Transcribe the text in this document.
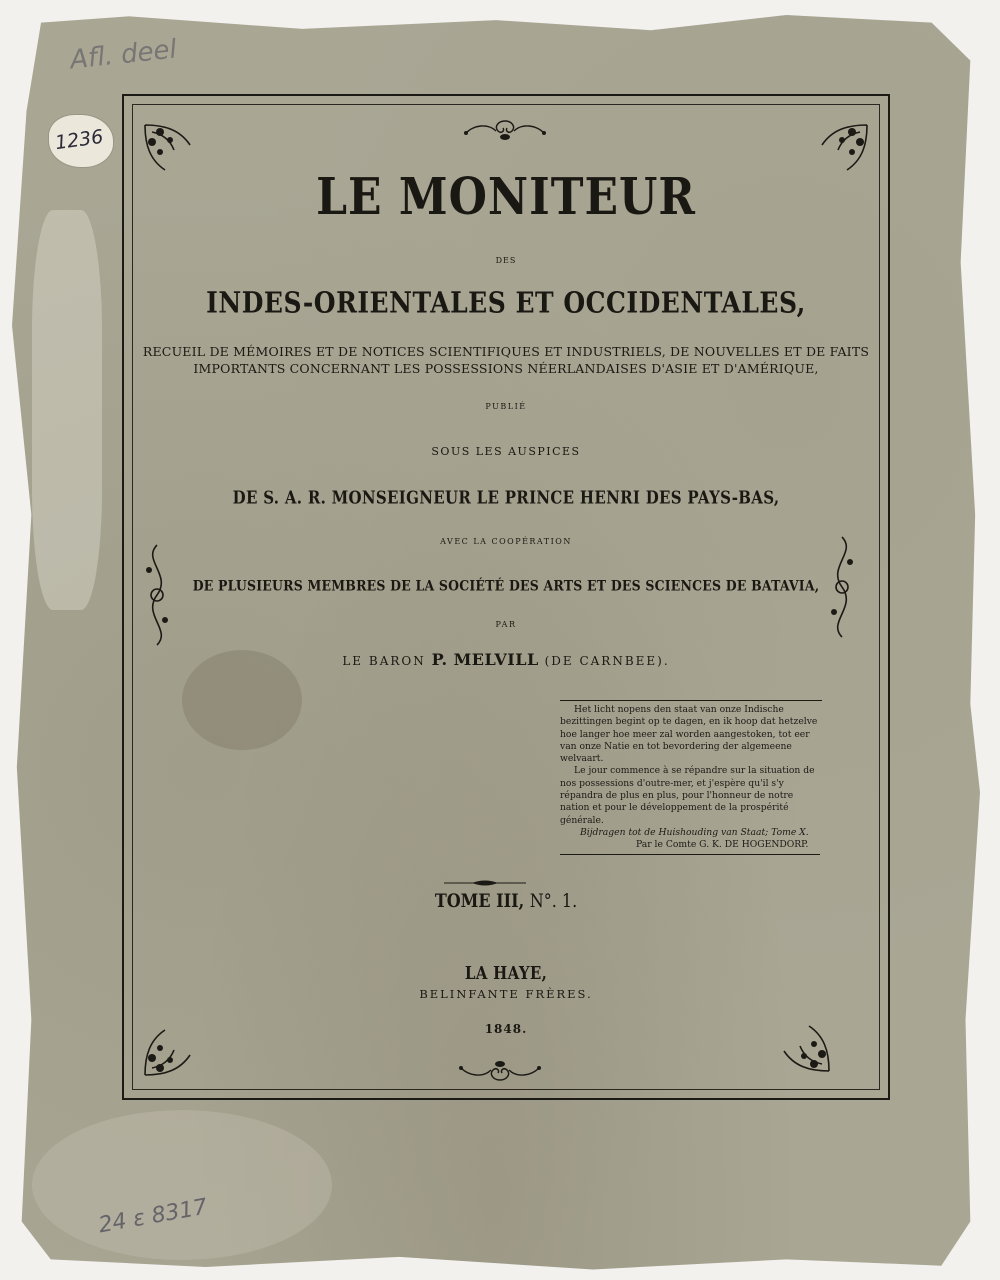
Afl. deel
1236
LE MONITEUR
DES
INDES-ORIENTALES ET OCCIDENTALES,
RECUEIL DE MÉMOIRES ET DE NOTICES SCIENTIFIQUES ET INDUSTRIELS, DE NOUVELLES ET DE FAITS
IMPORTANTS CONCERNANT LES POSSESSIONS NÉERLANDAISES D'ASIE ET D'AMÉRIQUE,
PUBLIÉ
SOUS LES AUSPICES
DE S. A. R. MONSEIGNEUR LE PRINCE HENRI DES PAYS-BAS,
AVEC LA COOPÉRATION
DE PLUSIEURS MEMBRES DE LA SOCIÉTÉ DES ARTS ET DES SCIENCES DE BATAVIA,
PAR
LE BARON P. MELVILL (DE CARNBEE).

Het licht nopens den staat van onze Indische bezittingen begint op te dagen, en ik hoop dat hetzelve hoe langer hoe meer zal worden aangestoken, tot eer van onze Natie en tot bevordering der algemeene welvaart.

Le jour commence à se répandre sur la situation de nos possessions d'outre-mer, et j'espère qu'il s'y répandra de plus en plus, pour l'honneur de notre nation et pour le développement de la prospérité générale.

Bijdragen tot de Huishouding van Staat; Tome X.
Par le Comte G. K. DE HOGENDORP.
TOME III, N°. 1.
LA HAYE,
BELINFANTE FRÈRES.
1848.
24 ε 8317
